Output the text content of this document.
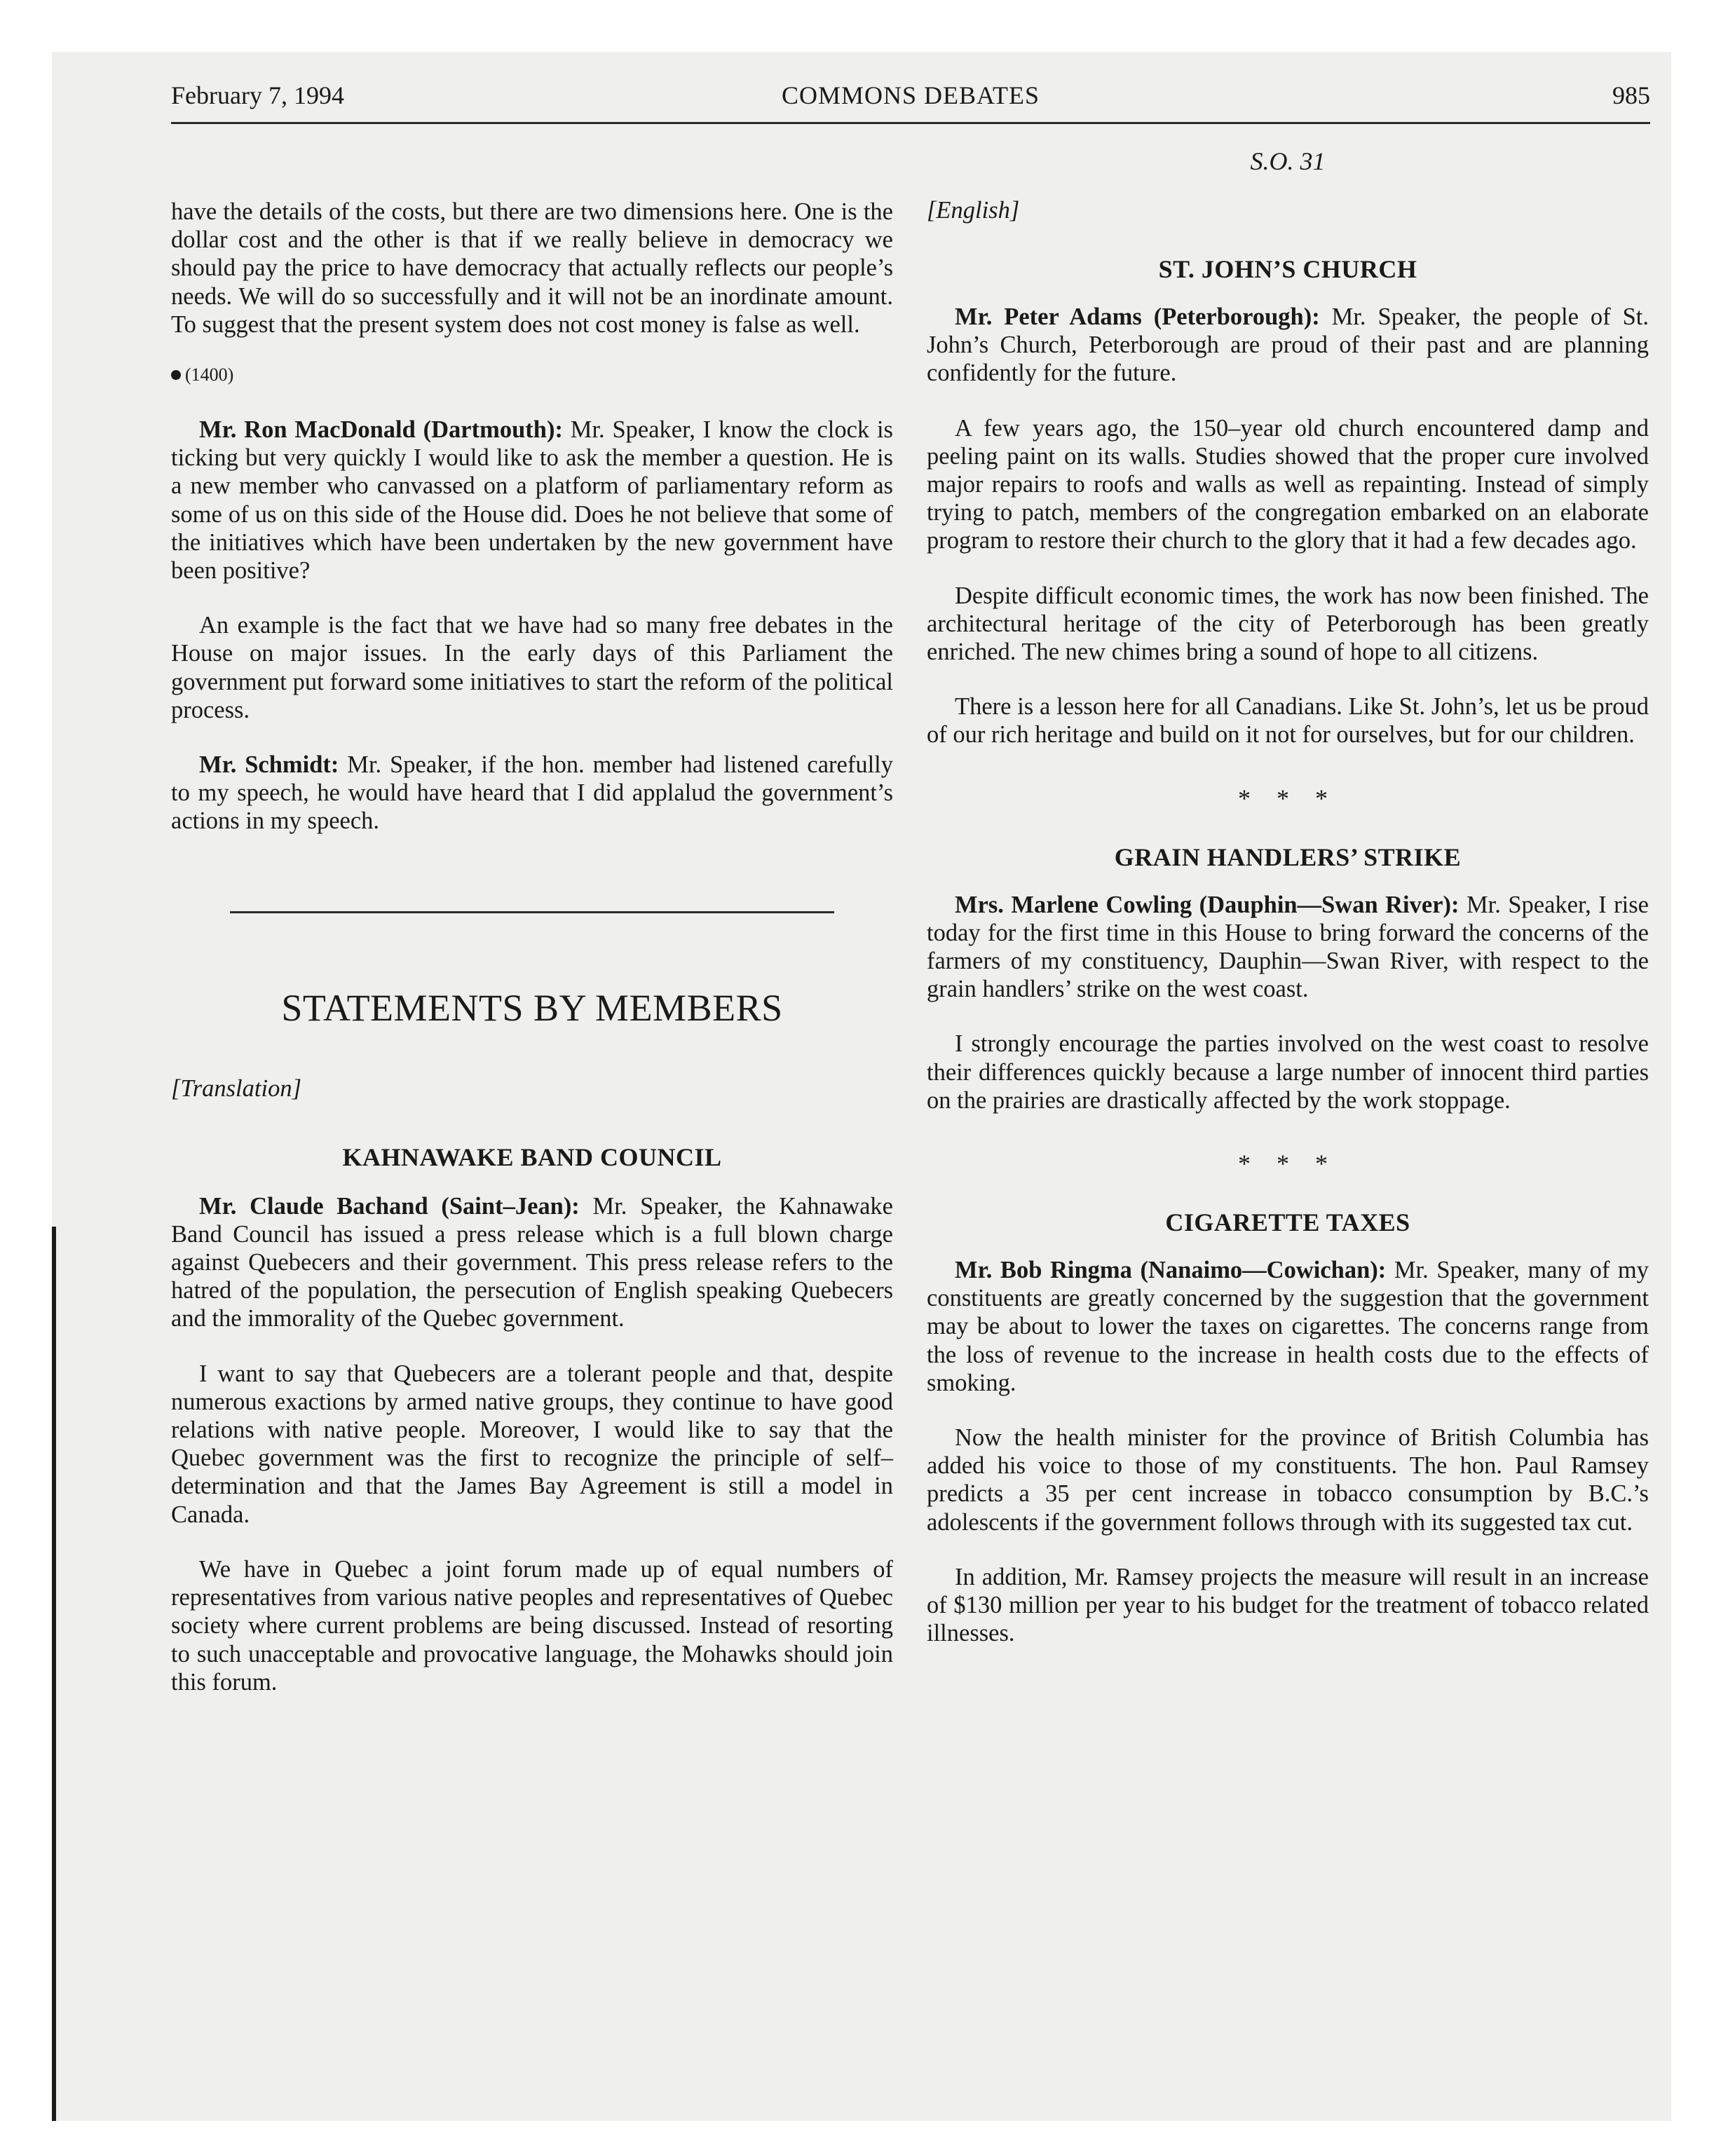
February 7, 1994	COMMONS DEBATES	985

have the details of the costs, but there are two dimensions here. One is the dollar cost and the other is that if we really believe in democracy we should pay the price to have democracy that actually reflects our people’s needs. We will do so successfully and it will not be an inordinate amount. To suggest that the present system does not cost money is false as well.

(1400)

Mr. Ron MacDonald (Dartmouth): Mr. Speaker, I know the clock is ticking but very quickly I would like to ask the member a question. He is a new member who canvassed on a platform of parliamentary reform as some of us on this side of the House did. Does he not believe that some of the initiatives which have been undertaken by the new government have been positive?

An example is the fact that we have had so many free debates in the House on major issues. In the early days of this Parliament the government put forward some initiatives to start the reform of the political process.

Mr. Schmidt: Mr. Speaker, if the hon. member had listened carefully to my speech, he would have heard that I did applalud the government’s actions in my speech.

STATEMENTS BY MEMBERS
[Translation]
KAHNAWAKE BAND COUNCIL

Mr. Claude Bachand (Saint–Jean): Mr. Speaker, the Kahnawake Band Council has issued a press release which is a full blown charge against Quebecers and their government. This press release refers to the hatred of the population, the persecution of English speaking Quebecers and the immorality of the Quebec government.

I want to say that Quebecers are a tolerant people and that, despite numerous exactions by armed native groups, they continue to have good relations with native people. Moreover, I would like to say that the Quebec government was the first to recognize the principle of self–determination and that the James Bay Agreement is still a model in Canada.

We have in Quebec a joint forum made up of equal numbers of representatives from various native peoples and representatives of Quebec society where current problems are being discussed. Instead of resorting to such unacceptable and provocative language, the Mohawks should join this forum.

S.O. 31
[English]
ST. JOHN’S CHURCH

Mr. Peter Adams (Peterborough): Mr. Speaker, the people of St. John’s Church, Peterborough are proud of their past and are planning confidently for the future.

A few years ago, the 150–year old church encountered damp and peeling paint on its walls. Studies showed that the proper cure involved major repairs to roofs and walls as well as repainting. Instead of simply trying to patch, members of the congregation embarked on an elaborate program to restore their church to the glory that it had a few decades ago.

Despite difficult economic times, the work has now been finished. The architectural heritage of the city of Peterborough has been greatly enriched. The new chimes bring a sound of hope to all citizens.

There is a lesson here for all Canadians. Like St. John’s, let us be proud of our rich heritage and build on it not for ourselves, but for our children.

* * *
GRAIN HANDLERS’ STRIKE

Mrs. Marlene Cowling (Dauphin—Swan River): Mr. Speaker, I rise today for the first time in this House to bring forward the concerns of the farmers of my constituency, Dauphin—Swan River, with respect to the grain handlers’ strike on the west coast.

I strongly encourage the parties involved on the west coast to resolve their differences quickly because a large number of innocent third parties on the prairies are drastically affected by the work stoppage.

* * *
CIGARETTE TAXES

Mr. Bob Ringma (Nanaimo—Cowichan): Mr. Speaker, many of my constituents are greatly concerned by the suggestion that the government may be about to lower the taxes on cigarettes. The concerns range from the loss of revenue to the increase in health costs due to the effects of smoking.

Now the health minister for the province of British Columbia has added his voice to those of my constituents. The hon. Paul Ramsey predicts a 35 per cent increase in tobacco consumption by B.C.’s adolescents if the government follows through with its suggested tax cut.

In addition, Mr. Ramsey projects the measure will result in an increase of $130 million per year to his budget for the treatment of tobacco related illnesses.
